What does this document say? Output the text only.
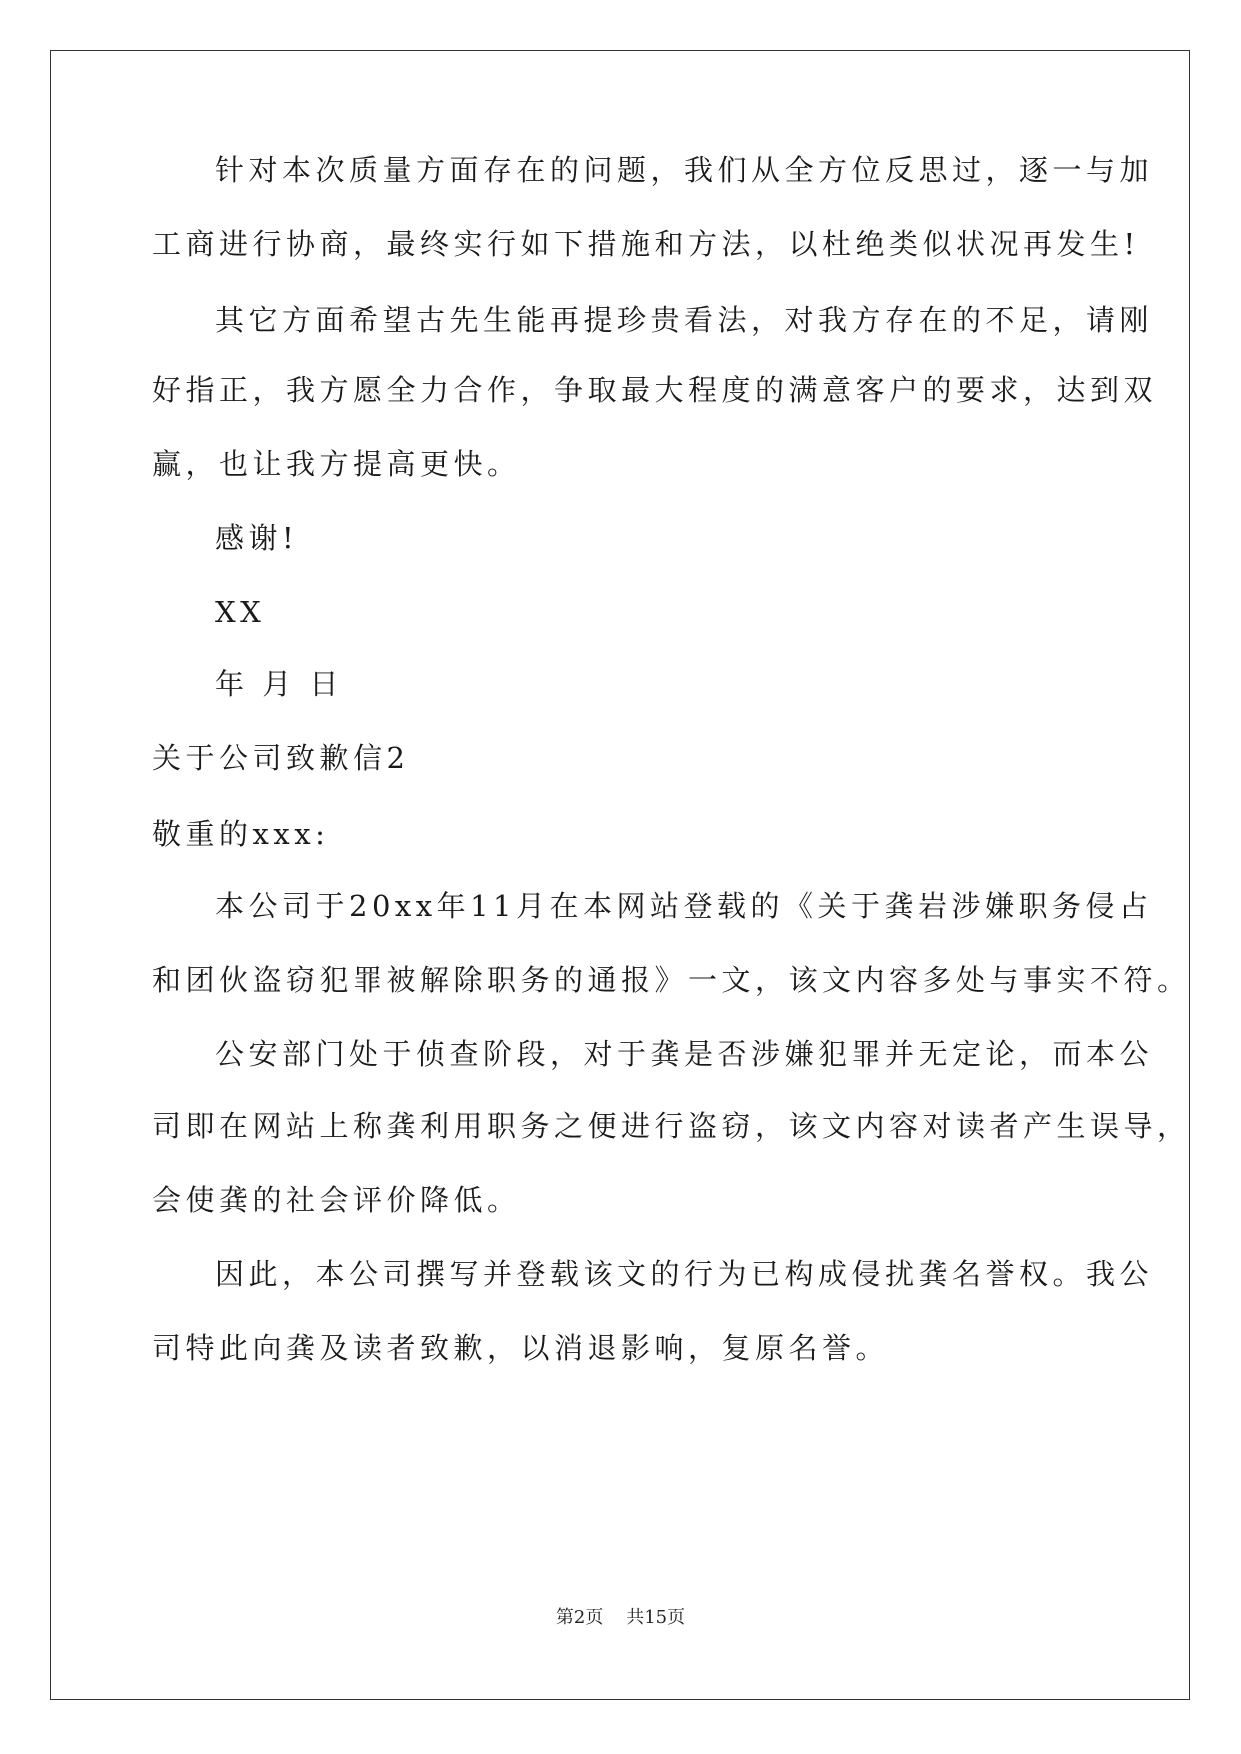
针对本次质量方面存在的问题，我们从全方位反思过，逐一与加
工商进行协商，最终实行如下措施和方法，以杜绝类似状况再发生!
其它方面希望古先生能再提珍贵看法，对我方存在的不足，请刚
好指正，我方愿全力合作，争取最大程度的满意客户的要求，达到双
赢，也让我方提高更快。
感谢!
XX
年 月 日
关于公司致歉信2
敬重的xxx:
本公司于20xx年11月在本网站登载的《关于龚岩涉嫌职务侵占
和团伙盗窃犯罪被解除职务的通报》一文，该文内容多处与事实不符。
公安部门处于侦查阶段，对于龚是否涉嫌犯罪并无定论，而本公
司即在网站上称龚利用职务之便进行盗窃，该文内容对读者产生误导，
会使龚的社会评价降低。
因此，本公司撰写并登载该文的行为已构成侵扰龚名誉权。我公
司特此向龚及读者致歉，以消退影响，复原名誉。
第2页 共15页
